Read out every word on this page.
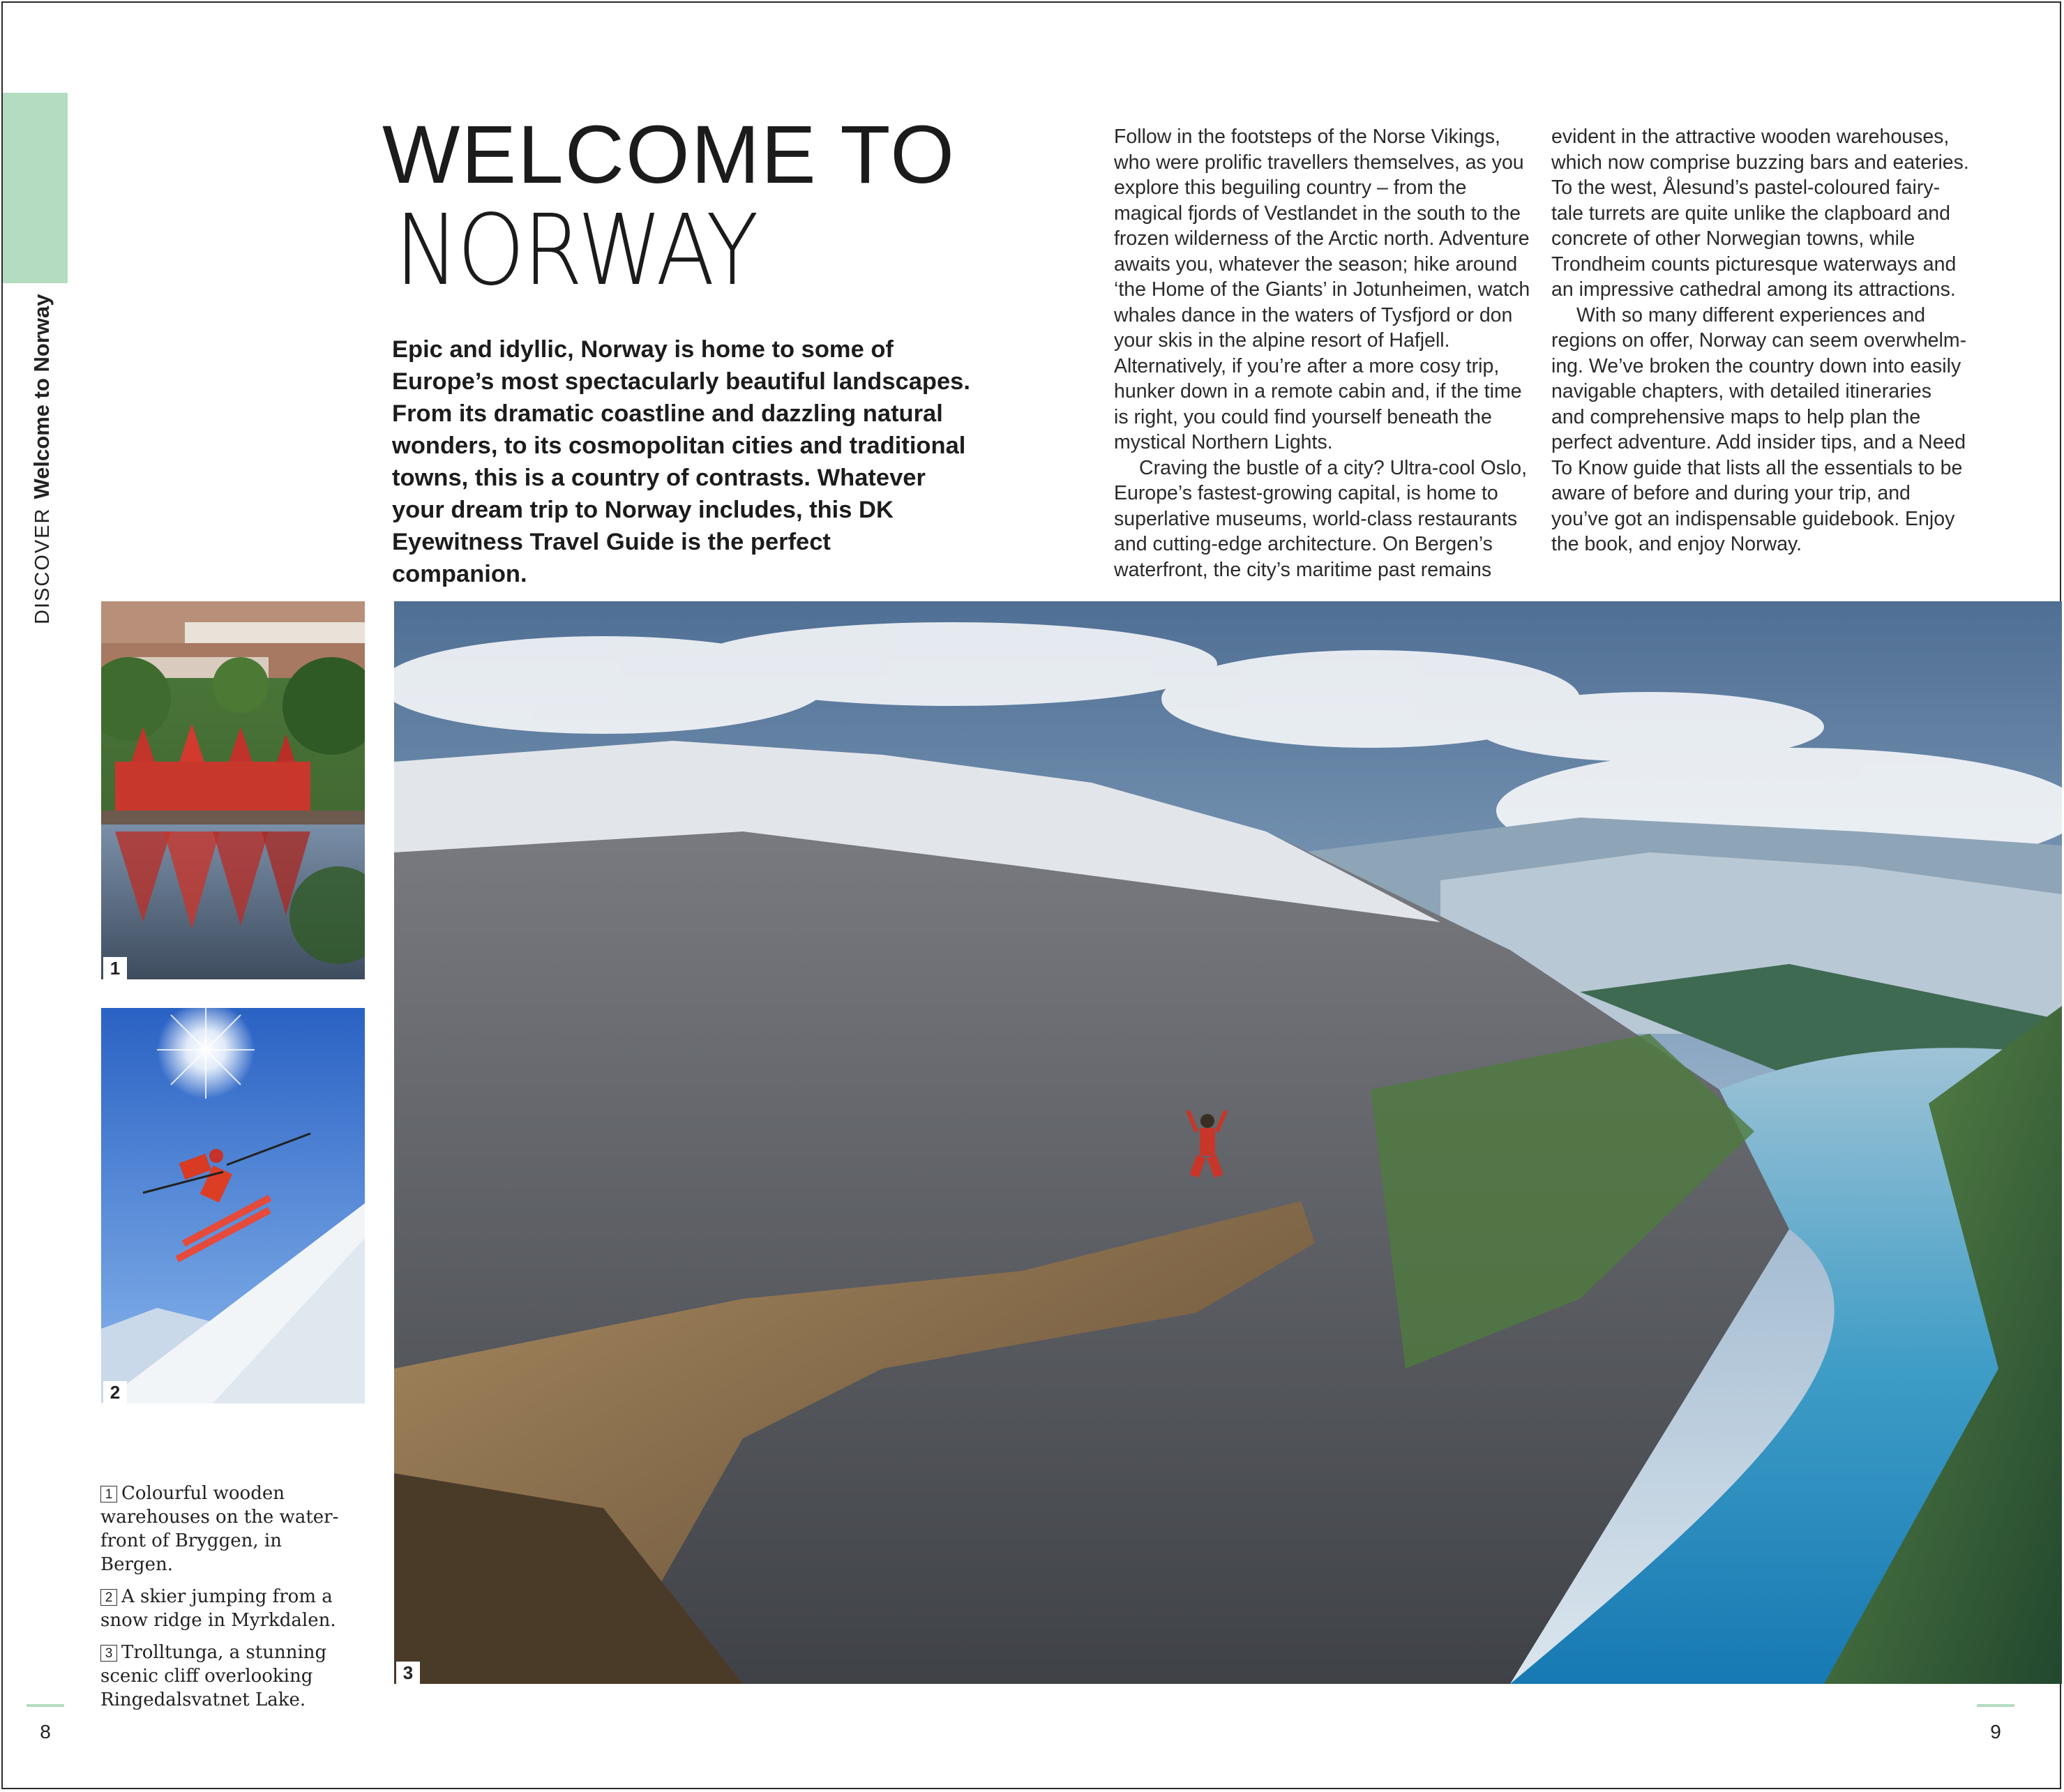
DISCOVERWelcome to Norway
WELCOME TO
NORWAY
Epic and idyllic, Norway is home to some of Europe’s most spectacularly beautiful landscapes. From its dramatic coastline and dazzling natural wonders, to its cosmopolitan cities and traditional towns, this is a country of contrasts. Whatever your dream trip to Norway includes, this DK Eyewitness Travel Guide is the perfect companion.

Follow in the footsteps of the Norse Vikings, who were prolific travellers themselves, as you explore this beguiling country – from the magical fjords of Vestlandet in the south to the frozen wilderness of the Arctic north. Adventure awaits you, whatever the season; hike around ‘the Home of the Giants’ in Jotunheimen, watch whales dance in the waters of Tysfjord or don your skis in the alpine resort of Hafjell. Alternatively, if you’re after a more cosy trip, hunker down in a remote cabin and, if the time is right, you could find yourself beneath the mystical Northern Lights.

Craving the bustle of a city? Ultra-cool Oslo, Europe’s fastest-growing capital, is home to superlative museums, world-class restaurants and cutting-edge architecture. On Bergen’s waterfront, the city’s maritime past remains

evident in the attractive wooden warehouses, which now comprise buzzing bars and eateries. To the west, Ålesund’s pastel-coloured fairy-tale turrets are quite unlike the clapboard and concrete of other Norwegian towns, while Trondheim counts picturesque waterways and an impressive cathedral among its attractions.

With so many different experiences and regions on offer, Norway can seem overwhelm-ing. We’ve broken the country down into easily navigable chapters, with detailed itineraries and comprehensive maps to help plan the perfect adventure. Add insider tips, and a Need To Know guide that lists all the essentials to be aware of before and during your trip, and you’ve got an indispensable guidebook. Enjoy the book, and enjoy Norway.

1
2
3
1 Colourful wooden warehouses on the water-front of Bryggen, in Bergen.
2 A skier jumping from a snow ridge in Myrkdalen.
3 Trolltunga, a stunning scenic cliff overlooking Ringedalsvatnet Lake.
8	9
